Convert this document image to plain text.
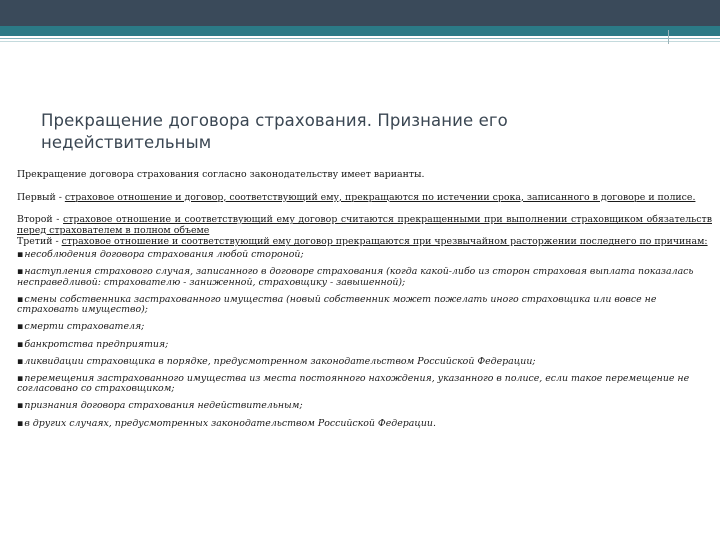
Прекращение договора страхования. Признание его недействительным

Прекращение договора страхования согласно законодательству имеет варианты.

Первый - страховое отношение и договор, соответствующий ему, прекращаются по истечении срока, записанного в договоре и полисе.

Второй - страховое отношение и соответствующий ему договор считаются прекращенными при выполнении страховщиком обязательств перед страхователем в полном объеме

Третий - страховое отношение и соответствующий ему договор прекращаются при чрезвычайном расторжении последнего по причинам:

▪несоблюдения договора страхования любой стороной;
▪наступления страхового случая, записанного в договоре страхования (когда какой-либо из сторон страховая выплата показалась несправедливой: страхователю - заниженной, страховщику - завышенной);
▪смены собственника застрахованного имущества (новый собственник может пожелать иного страховщика или вовсе не страховать имущество);
▪смерти страхователя;
▪банкротства предприятия;
▪ликвидации страховщика в порядке, предусмотренном законодательством Российской Федерации;
▪перемещения застрахованного имущества из места постоянного нахождения, указанного в полисе, если такое перемещение не согласовано со страховщиком;
▪признания договора страхования недействительным;
▪в других случаях, предусмотренных законодательством Российской Федерации.
